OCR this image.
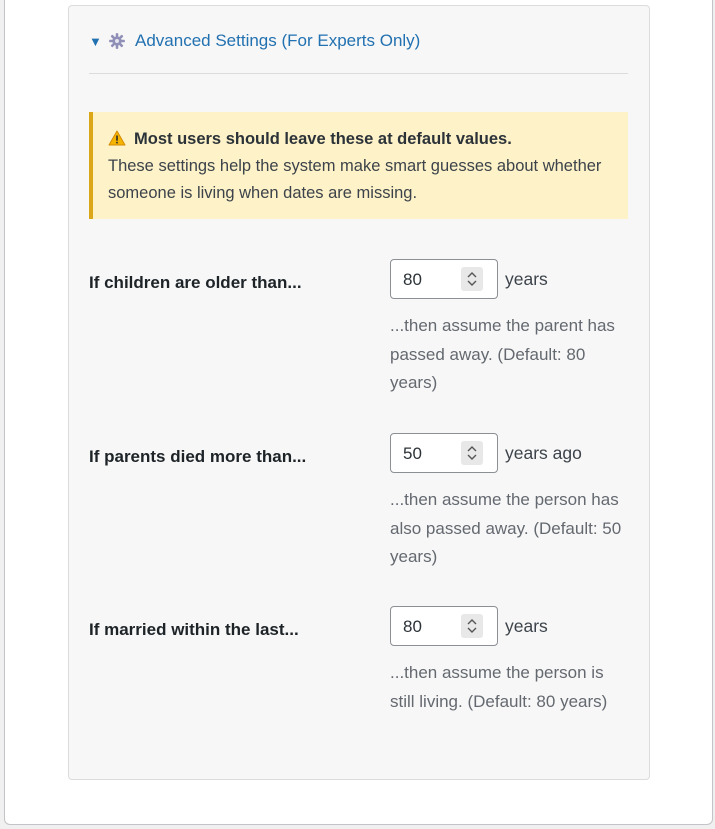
▼ Advanced Settings (For Experts Only)
Most users should leave these at default values.
These settings help the system make smart guesses about whether someone is living when dates are missing.
If children are older than...	80	years
...then assume the parent has passed away. (Default: 80 years)
If parents died more than...	50	years ago
...then assume the person has also passed away. (Default: 50 years)
If married within the last...	80	years
...then assume the person is still living. (Default: 80 years)
